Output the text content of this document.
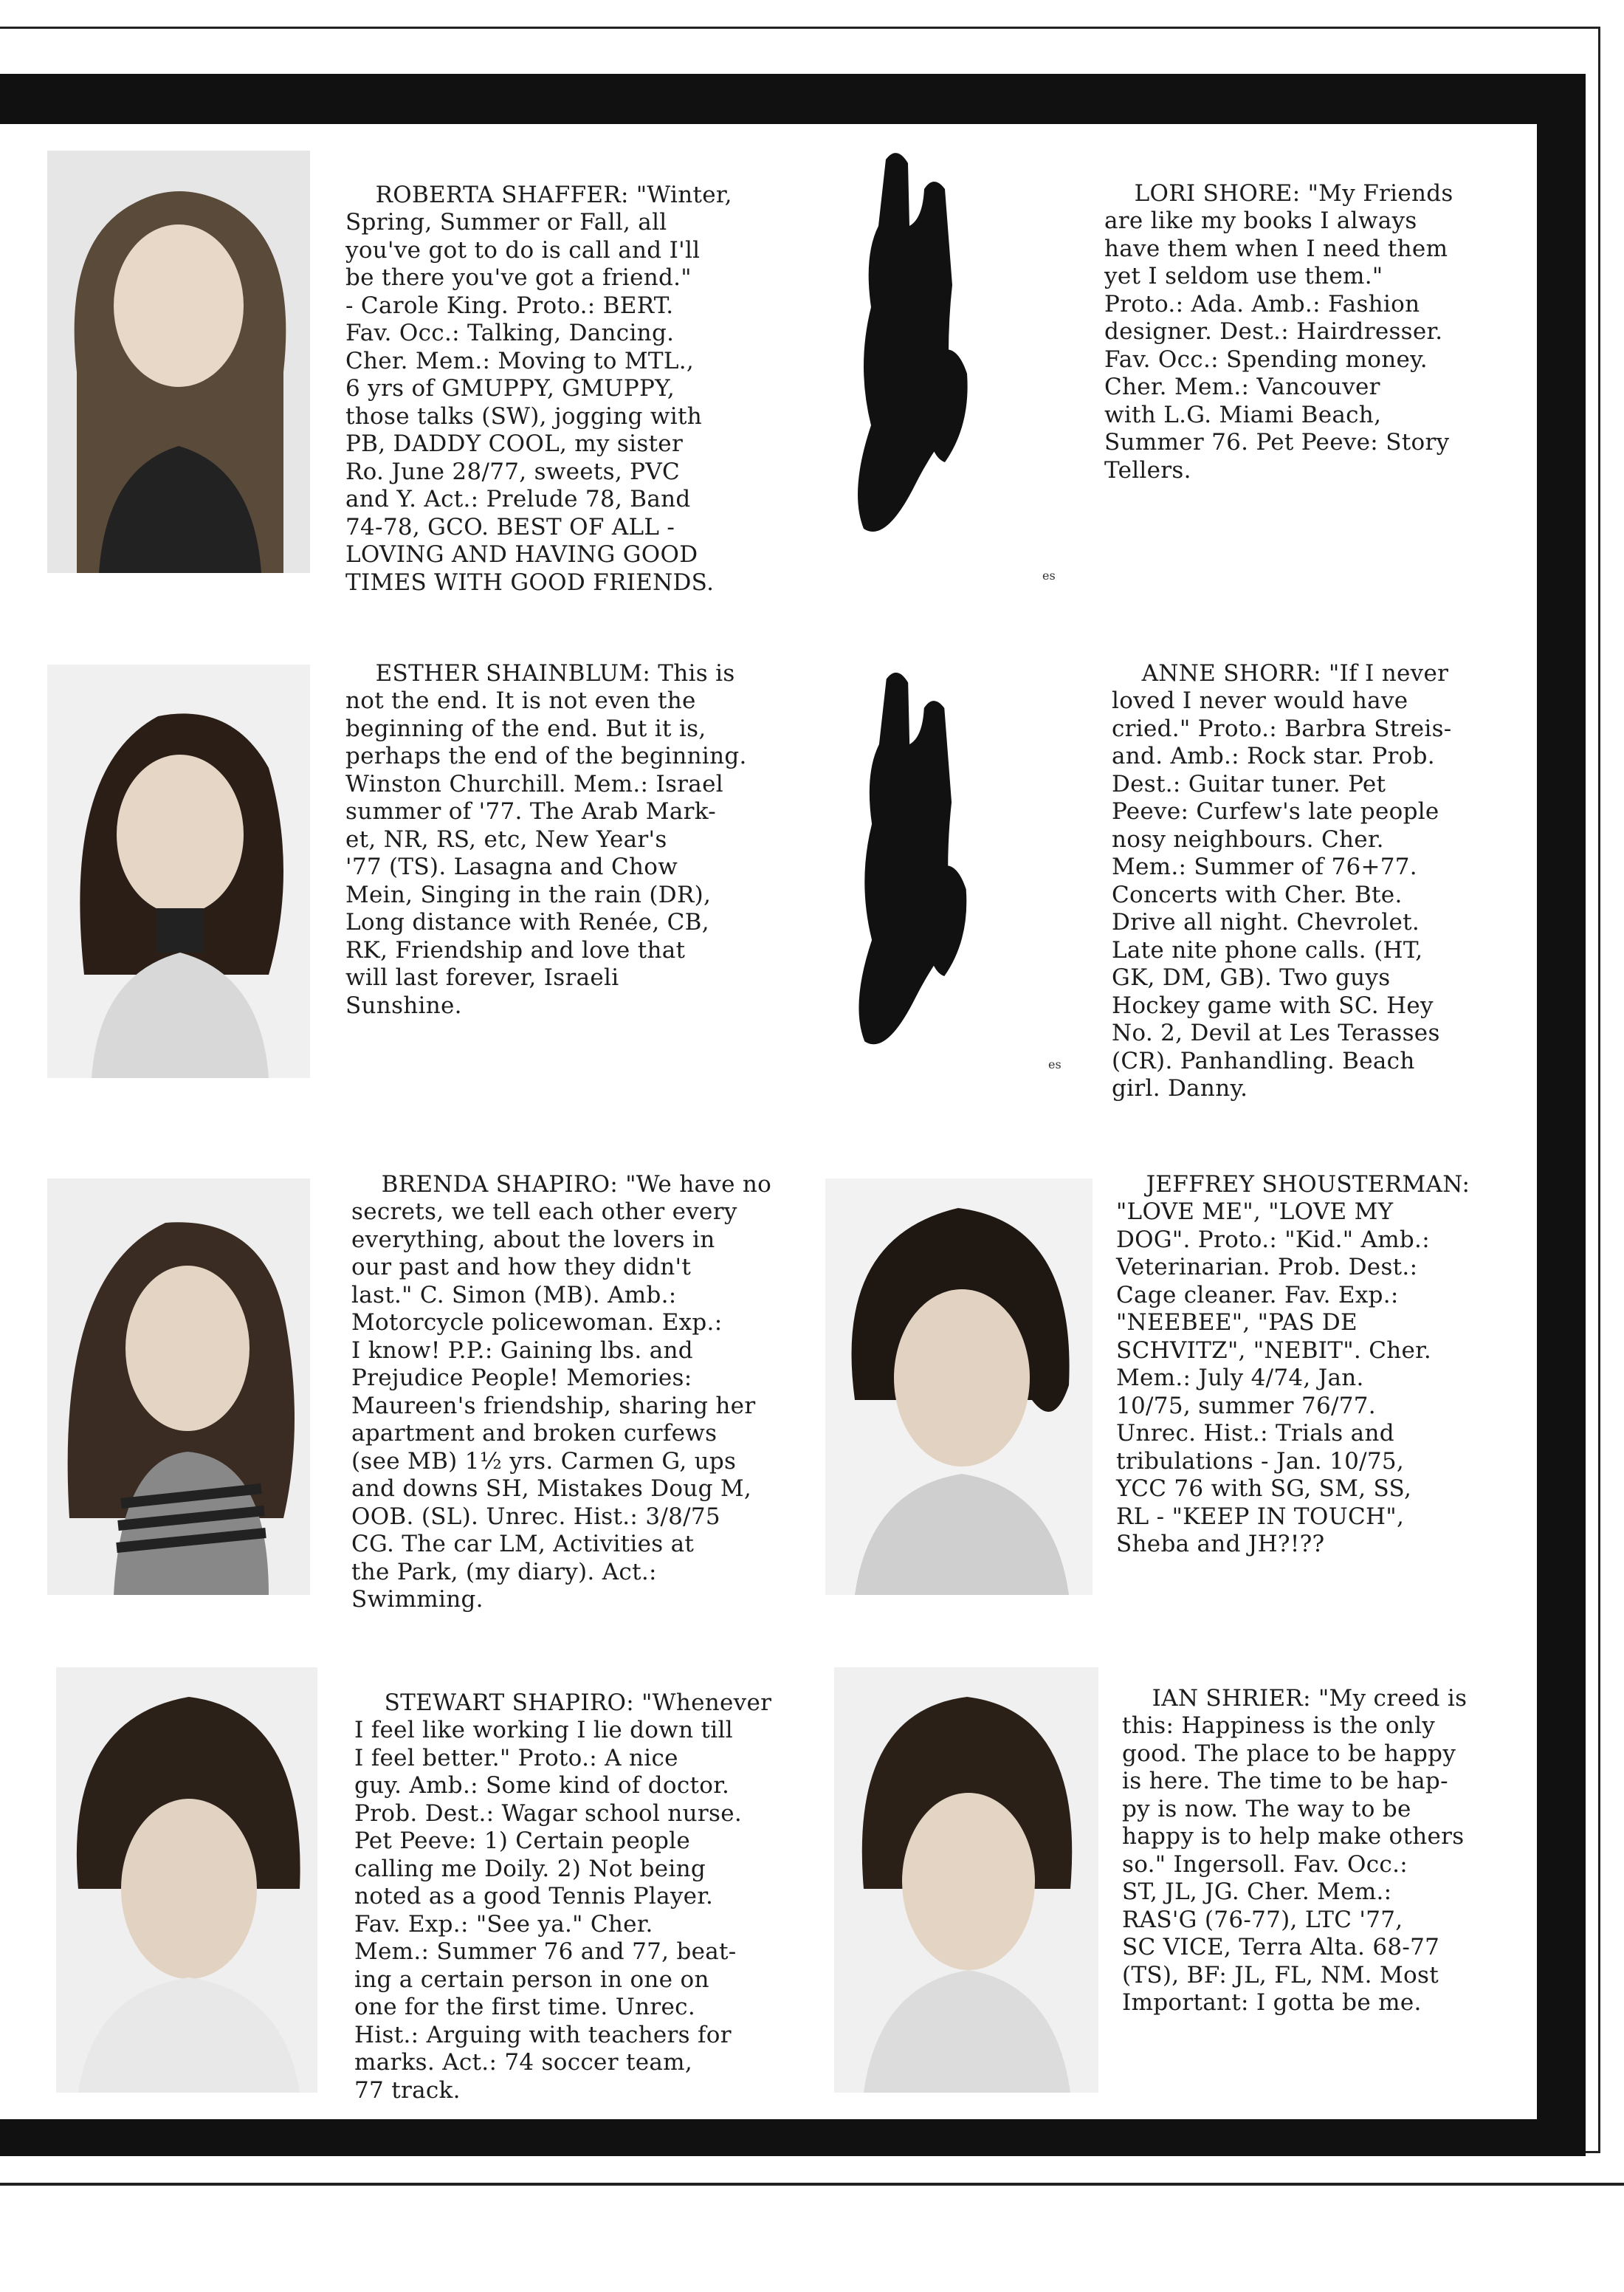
ROBERTA SHAFFER: "Winter,
Spring, Summer or Fall, all
you've got to do is call and I'll
be there you've got a friend."
- Carole King. Proto.: BERT.
Fav. Occ.: Talking, Dancing.
Cher. Mem.: Moving to MTL.,
6 yrs of GMUPPY, GMUPPY,
those talks (SW), jogging with
PB, DADDY COOL, my sister
Ro. June 28/77, sweets, PVC
and Y. Act.: Prelude 78, Band
74-78, GCO. BEST OF ALL -
LOVING AND HAVING GOOD
TIMES WITH GOOD FRIENDS.
	es

LORI SHORE: "My Friends
are like my books I always
have them when I need them
yet I seldom use them."
Proto.: Ada. Amb.: Fashion
designer. Dest.: Hairdresser.
Fav. Occ.: Spending money.
Cher. Mem.: Vancouver
with L.G. Miami Beach,
Summer 76. Pet Peeve: Story
Tellers.

ESTHER SHAINBLUM: This is
not the end. It is not even the
beginning of the end. But it is,
perhaps the end of the beginning.
Winston Churchill. Mem.: Israel
summer of '77. The Arab Mark-
et, NR, RS, etc, New Year's
'77 (TS). Lasagna and Chow
Mein, Singing in the rain (DR),
Long distance with Renée, CB,
RK, Friendship and love that
will last forever, Israeli
Sunshine.

es

ANNE SHORR: "If I never
loved I never would have
cried." Proto.: Barbra Streis-
and. Amb.: Rock star. Prob.
Dest.: Guitar tuner. Pet
Peeve: Curfew's late people
nosy neighbours. Cher.
Mem.: Summer of 76+77.
Concerts with Cher. Bte.
Drive all night. Chevrolet.
Late nite phone calls. (HT,
GK, DM, GB). Two guys
Hockey game with SC. Hey
No. 2, Devil at Les Terasses
(CR). Panhandling. Beach
girl. Danny.

BRENDA SHAPIRO: "We have no
secrets, we tell each other every
everything, about the lovers in
our past and how they didn't
last." C. Simon (MB). Amb.:
Motorcycle policewoman. Exp.:
I know! P.P.: Gaining lbs. and
Prejudice People! Memories:
Maureen's friendship, sharing her
apartment and broken curfews
(see MB) 1½ yrs. Carmen G, ups
and downs SH, Mistakes Doug M,
OOB. (SL). Unrec. Hist.: 3/8/75
CG. The car LM, Activities at
the Park, (my diary). Act.:
Swimming.

JEFFREY SHOUSTERMAN:
"LOVE ME", "LOVE MY
DOG". Proto.: "Kid." Amb.:
Veterinarian. Prob. Dest.:
Cage cleaner. Fav. Exp.:
"NEEBEE", "PAS DE
SCHVITZ", "NEBIT". Cher.
Mem.: July 4/74, Jan.
10/75, summer 76/77.
Unrec. Hist.: Trials and
tribulations - Jan. 10/75,
YCC 76 with SG, SM, SS,
RL - "KEEP IN TOUCH",
Sheba and JH?!??

STEWART SHAPIRO: "Whenever
I feel like working I lie down till
I feel better." Proto.: A nice
guy. Amb.: Some kind of doctor.
Prob. Dest.: Wagar school nurse.
Pet Peeve: 1) Certain people
calling me Doily. 2) Not being
noted as a good Tennis Player.
Fav. Exp.: "See ya." Cher.
Mem.: Summer 76 and 77, beat-
ing a certain person in one on
one for the first time. Unrec.
Hist.: Arguing with teachers for
marks. Act.: 74 soccer team,
77 track.

IAN SHRIER: "My creed is
this: Happiness is the only
good. The place to be happy
is here. The time to be hap-
py is now. The way to be
happy is to help make others
so." Ingersoll. Fav. Occ.:
ST, JL, JG. Cher. Mem.:
RAS'G (76-77), LTC '77,
SC VICE, Terra Alta. 68-77
(TS), BF: JL, FL, NM. Most
Important: I gotta be me.
